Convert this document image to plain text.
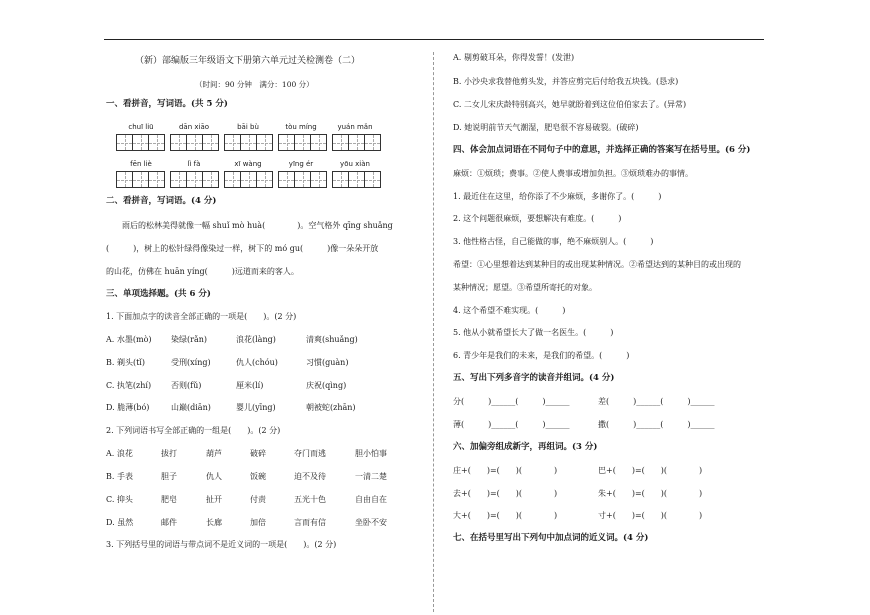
（新）部编版三年级语文下册第六单元过关检测卷（二）
（时间：90 分钟　满分：100 分）
一、看拼音，写词语。(共 5 分)
chuī liū	dān xiāo	bāi bù	tòu míng	yuán mǎn
fēn liè	lì fà	xī wàng	yīng ér	yōu xiàn
二、看拼音，写词语。(4 分)
雨后的松林美得就像一幅 shuǐ mò huà(　　　　)。空气格外 qīng shuǎng
(　　　)，树上的松针绿得像染过一样，树下的 mó gu(　　　)像一朵朵开放
的山花，仿佛在 huān yíng(　　　)远道而来的客人。
三、单项选择题。(共 6 分)
1. 下面加点字的读音全部正确的一项是(　　)。(2 分)
A. 水墨(mò) 染绿(rǎn)	浪花(làng)	清爽(shuǎng)
B. 剃头(tǐ)	受刑(xíng)	仇人(chóu)	习惯(guàn)
C. 执笔(zhí) 否则(fǔ)	厘米(lí)	庆祝(qìng)
D. 脆薄(bó)	山巅(diān)	婴儿(yīng)	朝被蛇(zhān)
2. 下列词语书写全部正确的一组是(　　)。(2 分)
A. 浪花	拔打	葫芦	破碎	夺门而逃	胆小怕事
B. 手表	胆子	仇人	饭碗	迫不及待	一清二楚
C. 抑头	肥皂	扯开	付责	五光十色	自由自在
D. 虽然	邮件	长廊	加倍	言而有信	坐卧不安
3. 下列括号里的词语与带点词不是近义词的一项是(　　)。(2 分)
A. 剔剪破耳朵，你得发誓！(发泄)
B. 小沙央求我替他剪头发，并答应剪完后付给我五块钱。(恳求)
C. 二女儿宋庆龄特别高兴，她早就盼着到这位伯伯家去了。(异常)
D. 她说明前节天气潮湿，肥皂很不容易破裂。(破碎)
四、体会加点词语在不同句子中的意思，并选择正确的答案写在括号里。(6 分)
麻烦：①烦琐；费事。②使人费事或增加负担。③烦琐难办的事情。
1. 最近住在这里，给你添了不少麻烦，多谢你了。(　　　)
2. 这个问题很麻烦，要想解决有难度。(　　　)
3. 他性格古怪，自己能做的事，绝不麻烦别人。(　　　)
希望：①心里想着达到某种目的或出现某种情况。②希望达到的某种目的或出现的
某种情况；愿望。③希望所寄托的对象。
4. 这个希望不难实现。(　　　)
5. 他从小就希望长大了做一名医生。(　　　)
6. 青少年是我们的未来，是我们的希望。(　　　)
五、写出下列多音字的读音并组词。(4 分)
分(　　　)______(　　　)______	差(　　　)______(　　　)______
薄(　　　)______(　　　)______	撒(　　　)______(　　　)______
六、加偏旁组成新字，再组词。(3 分)
庄+(　　)=(　　)(　　　　)	巴+(　　)=(　　)(　　　　)
去+(　　)=(　　)(　　　　)	朱+(　　)=(　　)(　　　　)
大+(　　)=(　　)(　　　　)	寸+(　　)=(　　)(　　　　)
七、在括号里写出下列句中加点词的近义词。(4 分)
